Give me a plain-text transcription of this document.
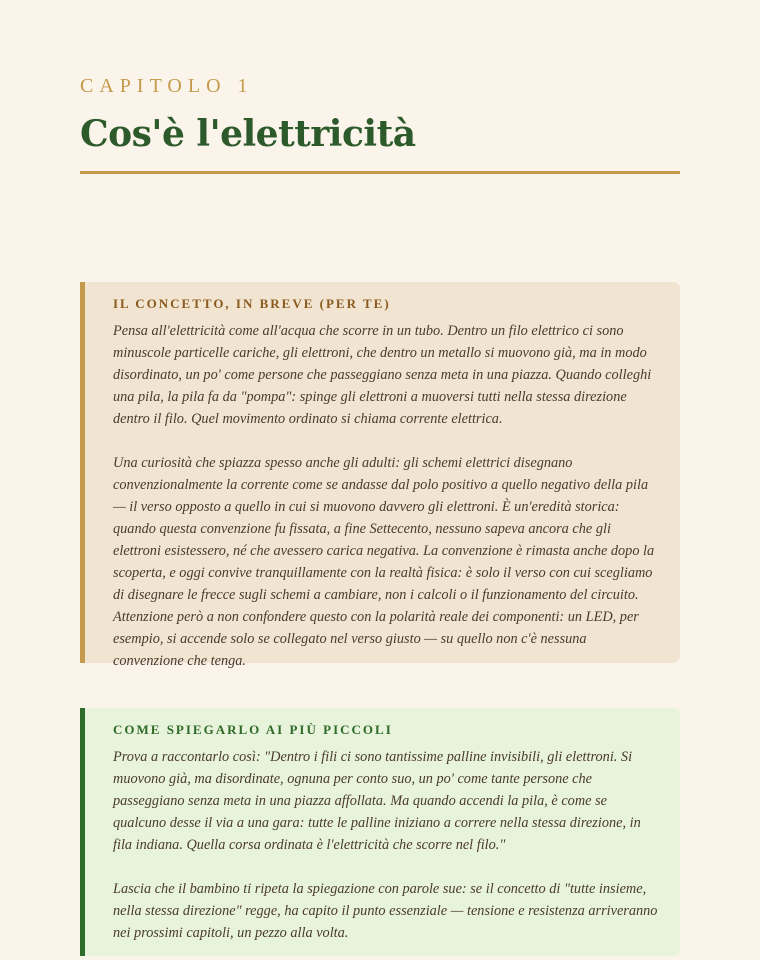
CAPITOLO 1

Cos'è l'elettricità
IL CONCETTO, IN BREVE (PER TE)

Pensa all'elettricità come all'acqua che scorre in un tubo. Dentro un filo elettrico ci sono minuscole particelle cariche, gli elettroni, che dentro un metallo si muovono già, ma in modo disordinato, un po' come persone che passeggiano senza meta in una piazza. Quando colleghi una pila, la pila fa da "pompa": spinge gli elettroni a muoversi tutti nella stessa direzione dentro il filo. Quel movimento ordinato si chiama corrente elettrica.

Una curiosità che spiazza spesso anche gli adulti: gli schemi elettrici disegnano convenzionalmente la corrente come se andasse dal polo positivo a quello negativo della pila — il verso opposto a quello in cui si muovono davvero gli elettroni. È un'eredità storica: quando questa convenzione fu fissata, a fine Settecento, nessuno sapeva ancora che gli elettroni esistessero, né che avessero carica negativa. La convenzione è rimasta anche dopo la scoperta, e oggi convive tranquillamente con la realtà fisica: è solo il verso con cui scegliamo di disegnare le frecce sugli schemi a cambiare, non i calcoli o il funzionamento del circuito. Attenzione però a non confondere questo con la polarità reale dei componenti: un LED, per esempio, si accende solo se collegato nel verso giusto — su quello non c'è nessuna convenzione che tenga.

COME SPIEGARLO AI PIÙ PICCOLI

Prova a raccontarlo così: "Dentro i fili ci sono tantissime palline invisibili, gli elettroni. Si muovono già, ma disordinate, ognuna per conto suo, un po' come tante persone che passeggiano senza meta in una piazza affollata. Ma quando accendi la pila, è come se qualcuno desse il via a una gara: tutte le palline iniziano a correre nella stessa direzione, in fila indiana. Quella corsa ordinata è l'elettricità che scorre nel filo."

Lascia che il bambino ti ripeta la spiegazione con parole sue: se il concetto di "tutte insieme, nella stessa direzione" regge, ha capito il punto essenziale — tensione e resistenza arriveranno nei prossimi capitoli, un pezzo alla volta.
